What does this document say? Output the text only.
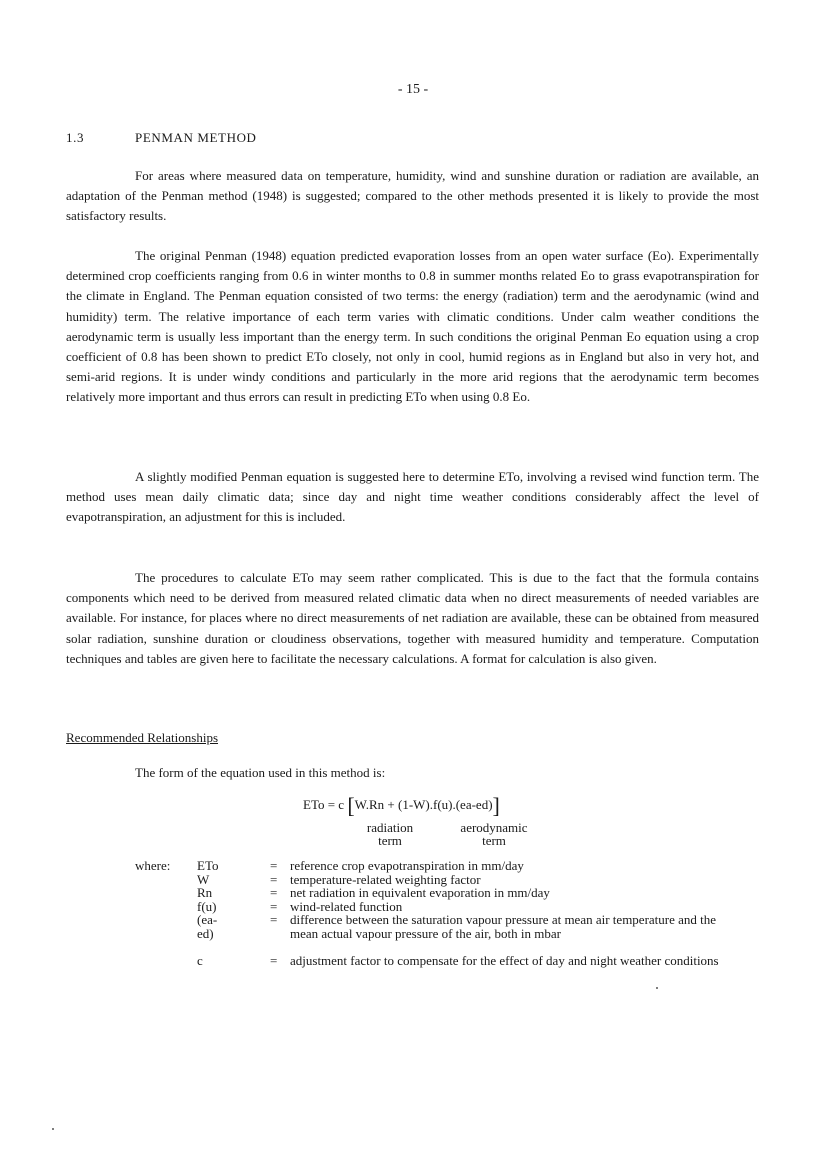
- 15 -
1.3	PENMAN METHOD
For areas where measured data on temperature, humidity, wind and sunshine duration or radiation are available, an adaptation of the Penman method (1948) is suggested; compared to the other methods presented it is likely to provide the most satisfactory results.
The original Penman (1948) equation predicted evaporation losses from an open water surface (Eo). Experimentally determined crop coefficients ranging from 0.6 in winter months to 0.8 in summer months related Eo to grass evapotranspiration for the climate in England. The Penman equation consisted of two terms: the energy (radiation) term and the aerodynamic (wind and humidity) term. The relative importance of each term varies with climatic conditions. Under calm weather conditions the aerodynamic term is usually less important than the energy term. In such conditions the original Penman Eo equation using a crop coefficient of 0.8 has been shown to predict ETo closely, not only in cool, humid regions as in England but also in very hot, and semi-arid regions. It is under windy conditions and particularly in the more arid regions that the aerodynamic term becomes relatively more important and thus errors can result in predicting ETo when using 0.8 Eo.
A slightly modified Penman equation is suggested here to determine ETo, involving a revised wind function term. The method uses mean daily climatic data; since day and night time weather conditions considerably affect the level of evapotranspiration, an adjustment for this is included.
The procedures to calculate ETo may seem rather complicated. This is due to the fact that the formula contains components which need to be derived from measured related climatic data when no direct measurements of needed variables are available. For instance, for places where no direct measurements of net radiation are available, these can be obtained from measured solar radiation, sunshine duration or cloudiness observations, together with measured humidity and temperature. Computation techniques and tables are given here to facilitate the necessary calculations. A format for calculation is also given.
Recommended Relationships
The form of the equation used in this method is:
ETo = c [W.Rn + (1-W).f(u).(ea-ed)]
radiation
term
aerodynamic
term
where: ETo	= reference crop evapotranspiration in mm/day
W	= temperature-related weighting factor
Rn	= net radiation in equivalent evaporation in mm/day
f(u)	= wind-related function
(ea-ed)
= difference between the saturation vapour pressure at mean air temperature and the mean actual vapour pressure of the air, both in mbar
c	= adjustment factor to compensate for the effect of day and night weather conditions
